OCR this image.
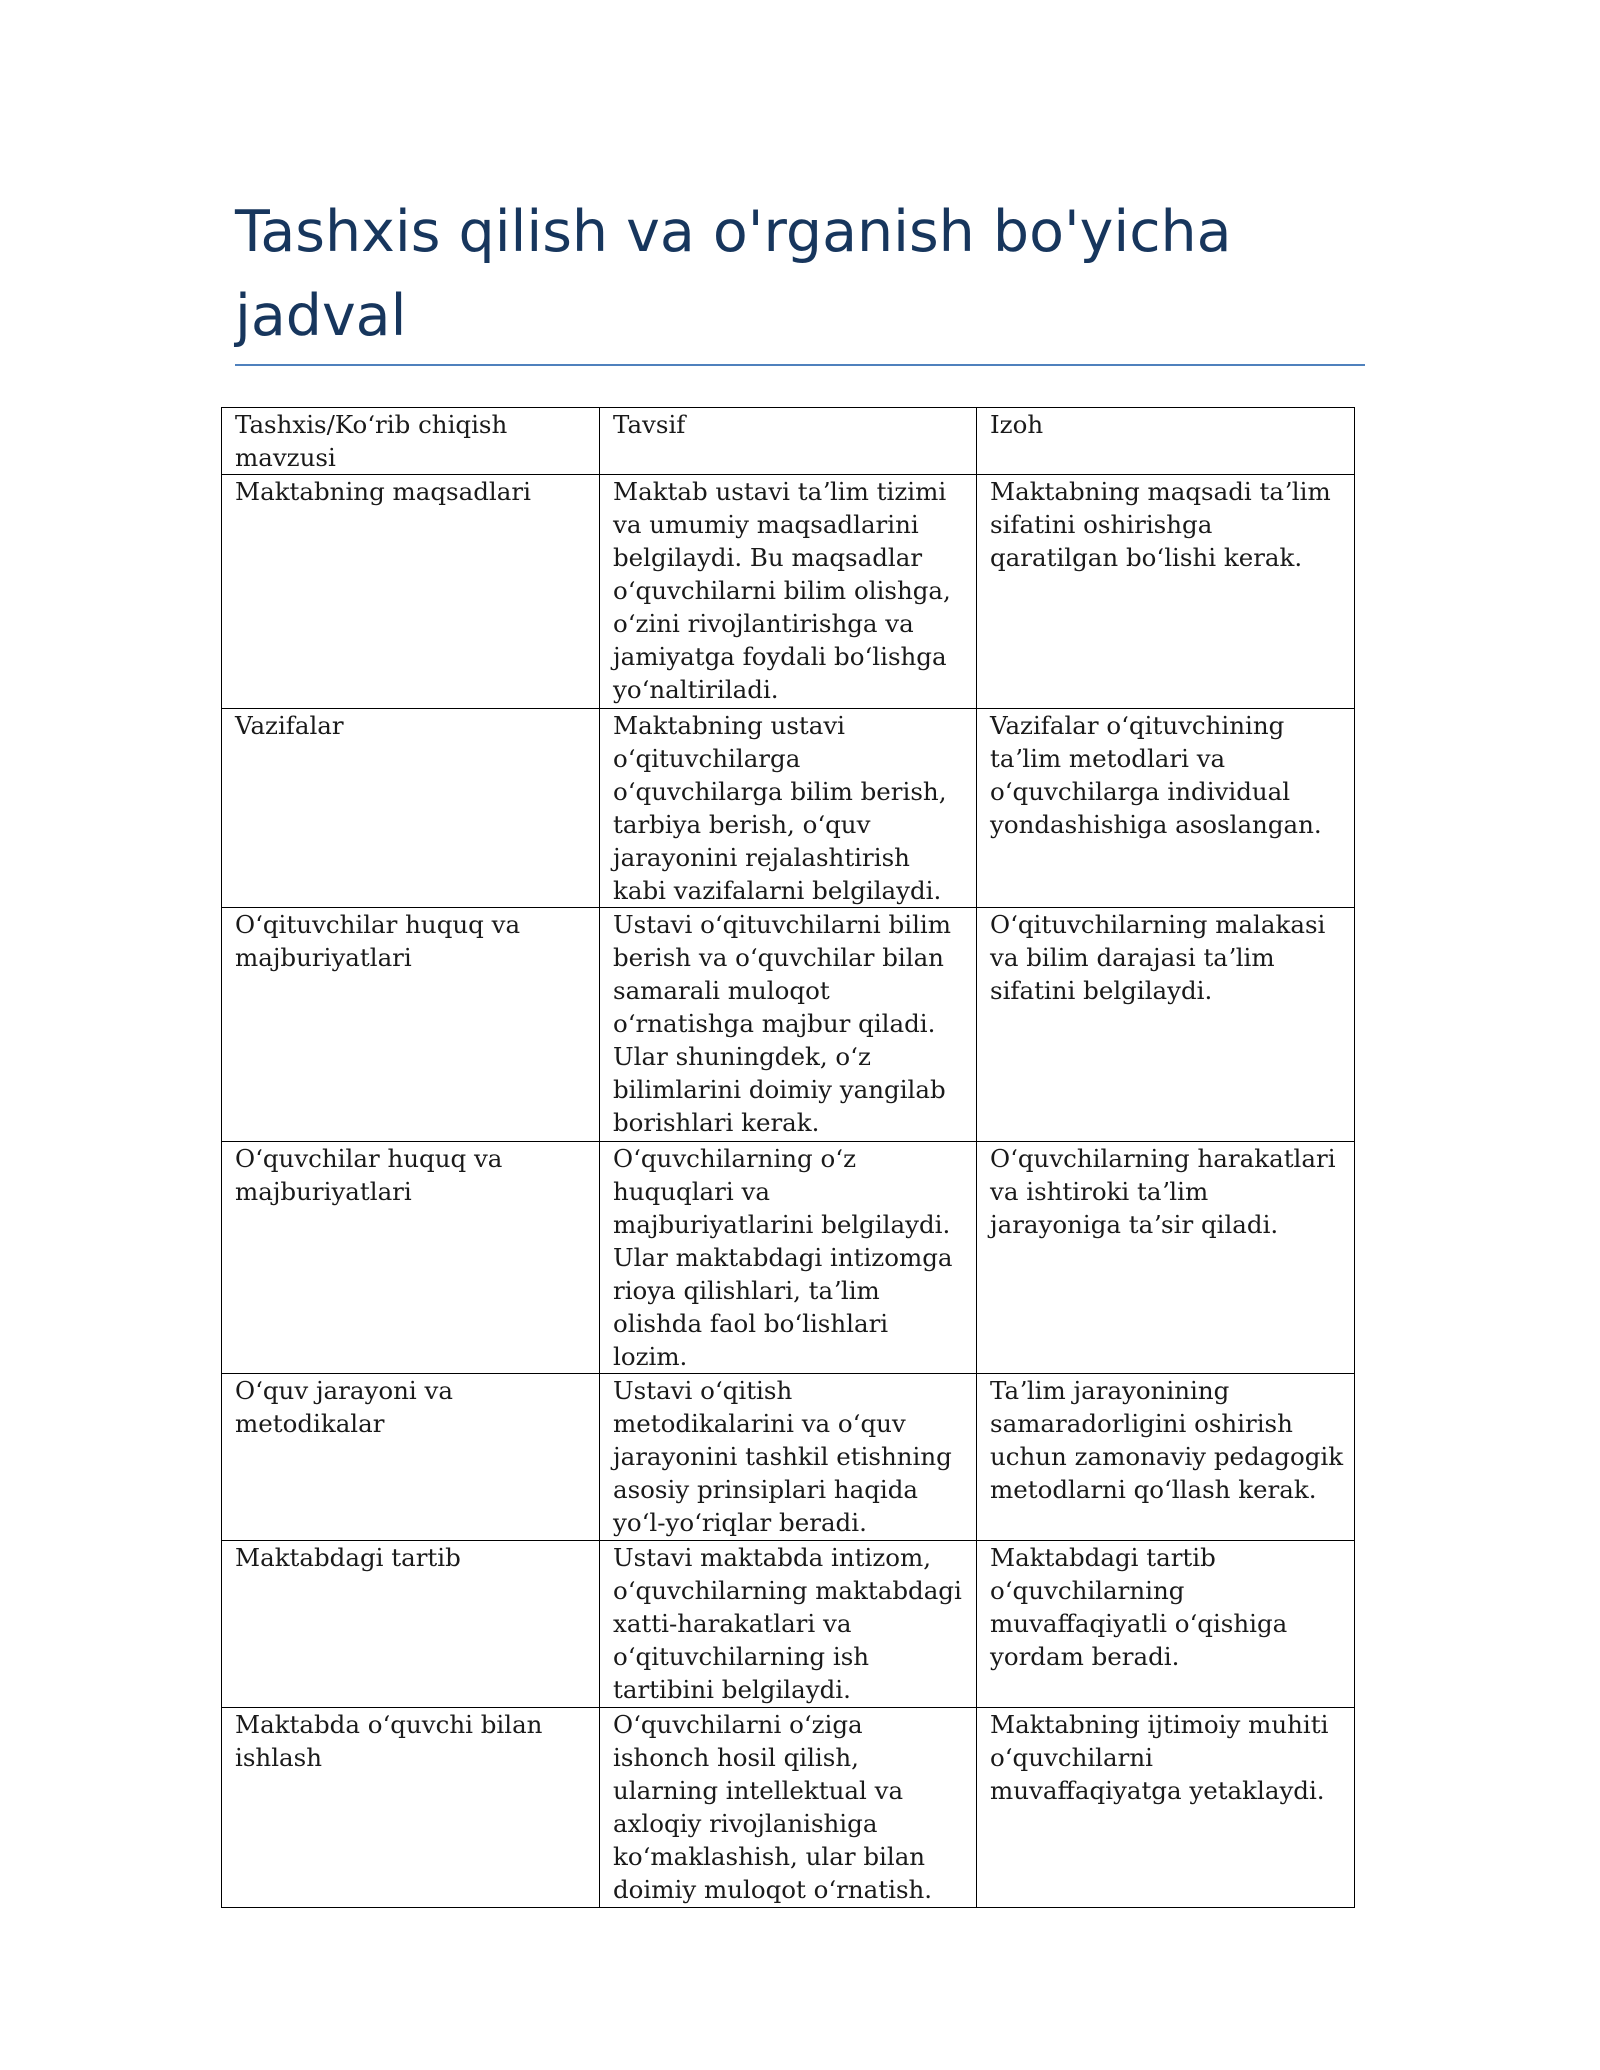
Tashxis qilish va o'rganish bo'yicha jadval
Tashxis/Koʻrib chiqish mavzusi	Tavsif	Izoh
Maktabning maqsadlari	Maktab ustavi taʼlim tizimi va umumiy maqsadlarini belgilaydi. Bu maqsadlar oʻquvchilarni bilim olishga, oʻzini rivojlantirishga va jamiyatga foydali boʻlishga yoʻnaltiriladi.	Maktabning maqsadi taʼlim sifatini oshirishga qaratilgan boʻlishi kerak.
Vazifalar	Maktabning ustavi oʻqituvchilarga oʻquvchilarga bilim berish, tarbiya berish, oʻquv jarayonini rejalashtirish kabi vazifalarni belgilaydi.	Vazifalar oʻqituvchining taʼlim metodlari va oʻquvchilarga individual yondashishiga asoslangan.
Oʻqituvchilar huquq va majburiyatlari	Ustavi oʻqituvchilarni bilim berish va oʻquvchilar bilan samarali muloqot oʻrnatishga majbur qiladi. Ular shuningdek, oʻz bilimlarini doimiy yangilab borishlari kerak.	Oʻqituvchilarning malakasi va bilim darajasi taʼlim sifatini belgilaydi.
Oʻquvchilar huquq va majburiyatlari	Oʻquvchilarning oʻz huquqlari va majburiyatlarini belgilaydi. Ular maktabdagi intizomga rioya qilishlari, taʼlim olishda faol boʻlishlari lozim.	Oʻquvchilarning harakatlari va ishtiroki taʼlim jarayoniga taʼsir qiladi.
Oʻquv jarayoni va metodikalar	Ustavi oʻqitish metodikalarini va oʻquv jarayonini tashkil etishning asosiy prinsiplari haqida yoʻl-yoʻriqlar beradi.	Taʼlim jarayonining samaradorligini oshirish uchun zamonaviy pedagogik metodlarni qoʻllash kerak.
Maktabdagi tartib	Ustavi maktabda intizom, oʻquvchilarning maktabdagi xatti-harakatlari va oʻqituvchilarning ish tartibini belgilaydi.	Maktabdagi tartib oʻquvchilarning muvaffaqiyatli oʻqishiga yordam beradi.
Maktabda oʻquvchi bilan ishlash	Oʻquvchilarni oʻziga ishonch hosil qilish, ularning intellektual va axloqiy rivojlanishiga koʻmaklashish, ular bilan doimiy muloqot oʻrnatish.	Maktabning ijtimoiy muhiti oʻquvchilarni muvaffaqiyatga yetaklaydi.
